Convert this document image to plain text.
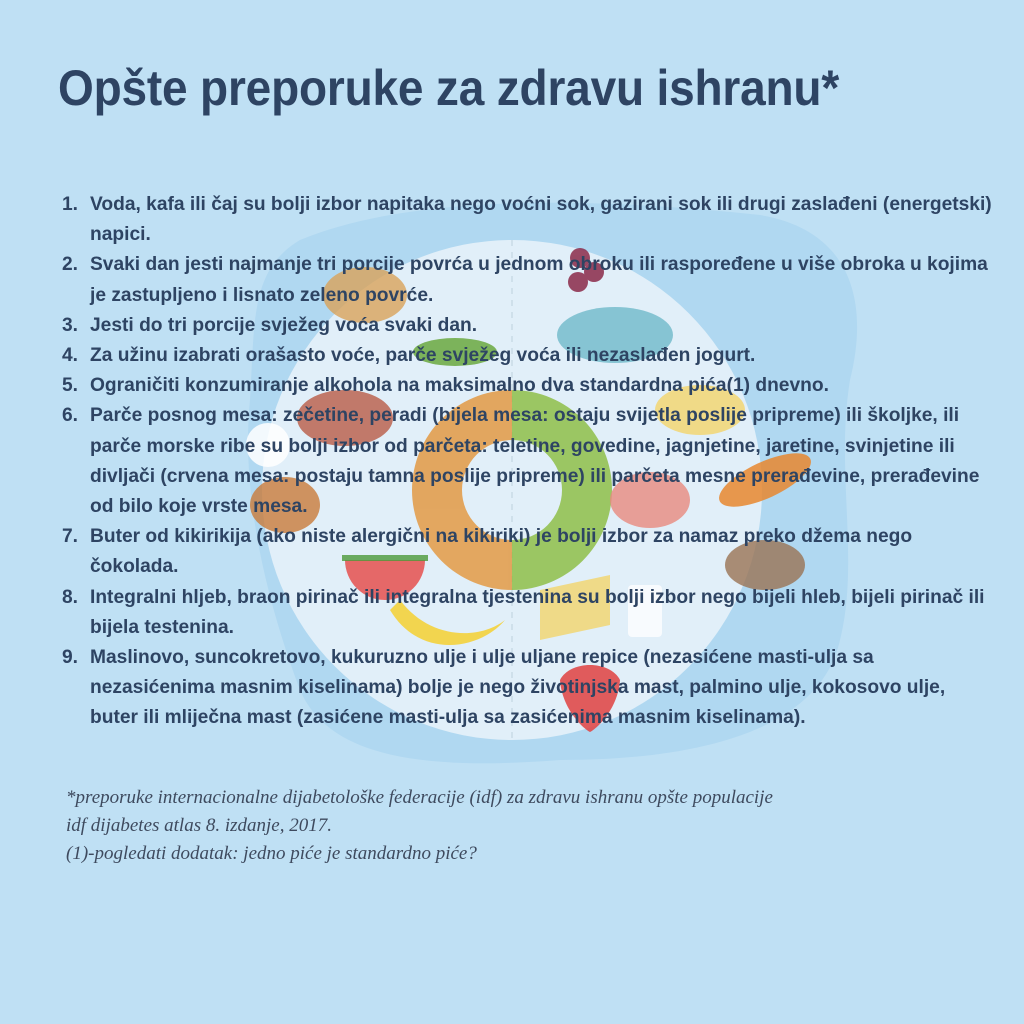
Opšte preporuke za zdravu ishranu*
1. Voda, kafa ili čaj su bolji izbor napitaka nego voćni sok, gazirani sok ili drugi zaslađeni (energetski) napici.
2. Svaki dan jesti najmanje tri porcije povrća u jednom obroku ili raspoređene u više obroka u kojima je zastupljeno i lisnato zeleno povrće.
3. Jesti do tri porcije svježeg voća svaki dan.
4. Za užinu izabrati orašasto voće, parče svježeg voća ili nezaslađen jogurt.
5. Ograničiti konzumiranje alkohola na maksimalno dva standardna pića(1) dnevno.
6. Parče posnog mesa: zečetine, peradi (bijela mesa: ostaju svijetla poslije pripreme) ili školjke, ili parče morske ribe su bolji izbor od parčeta: teletine, govedine, jagnjetine, jaretine, svinjetine ili divljači (crvena mesa: postaju tamna poslije pripreme) ili parčeta mesne prerađevine, prerađevine od bilo koje vrste mesa.
7. Buter od kikirikija (ako niste alergični na kikiriki) je bolji izbor za namaz preko džema nego čokolada.
8. Integralni hljeb, braon pirinač ili integralna tjestenina su bolji izbor nego bijeli hleb, bijeli pirinač ili bijela testenina.
9. Maslinovo, suncokretovo, kukuruzno ulje i ulje uljane repice (nezasićene masti-ulja sa nezasićenima masnim kiselinama) bolje je nego životinjska mast, palmino ulje, kokosovo ulje, buter ili mliječna mast (zasićene masti-ulja sa zasićenima masnim kiselinama).
*preporuke internacionalne dijabetološke federacije (idf) za zdravu ishranu opšte populacije
idf dijabetes atlas 8. izdanje, 2017.
(1)-pogledati dodatak: jedno piće je standardno piće?
